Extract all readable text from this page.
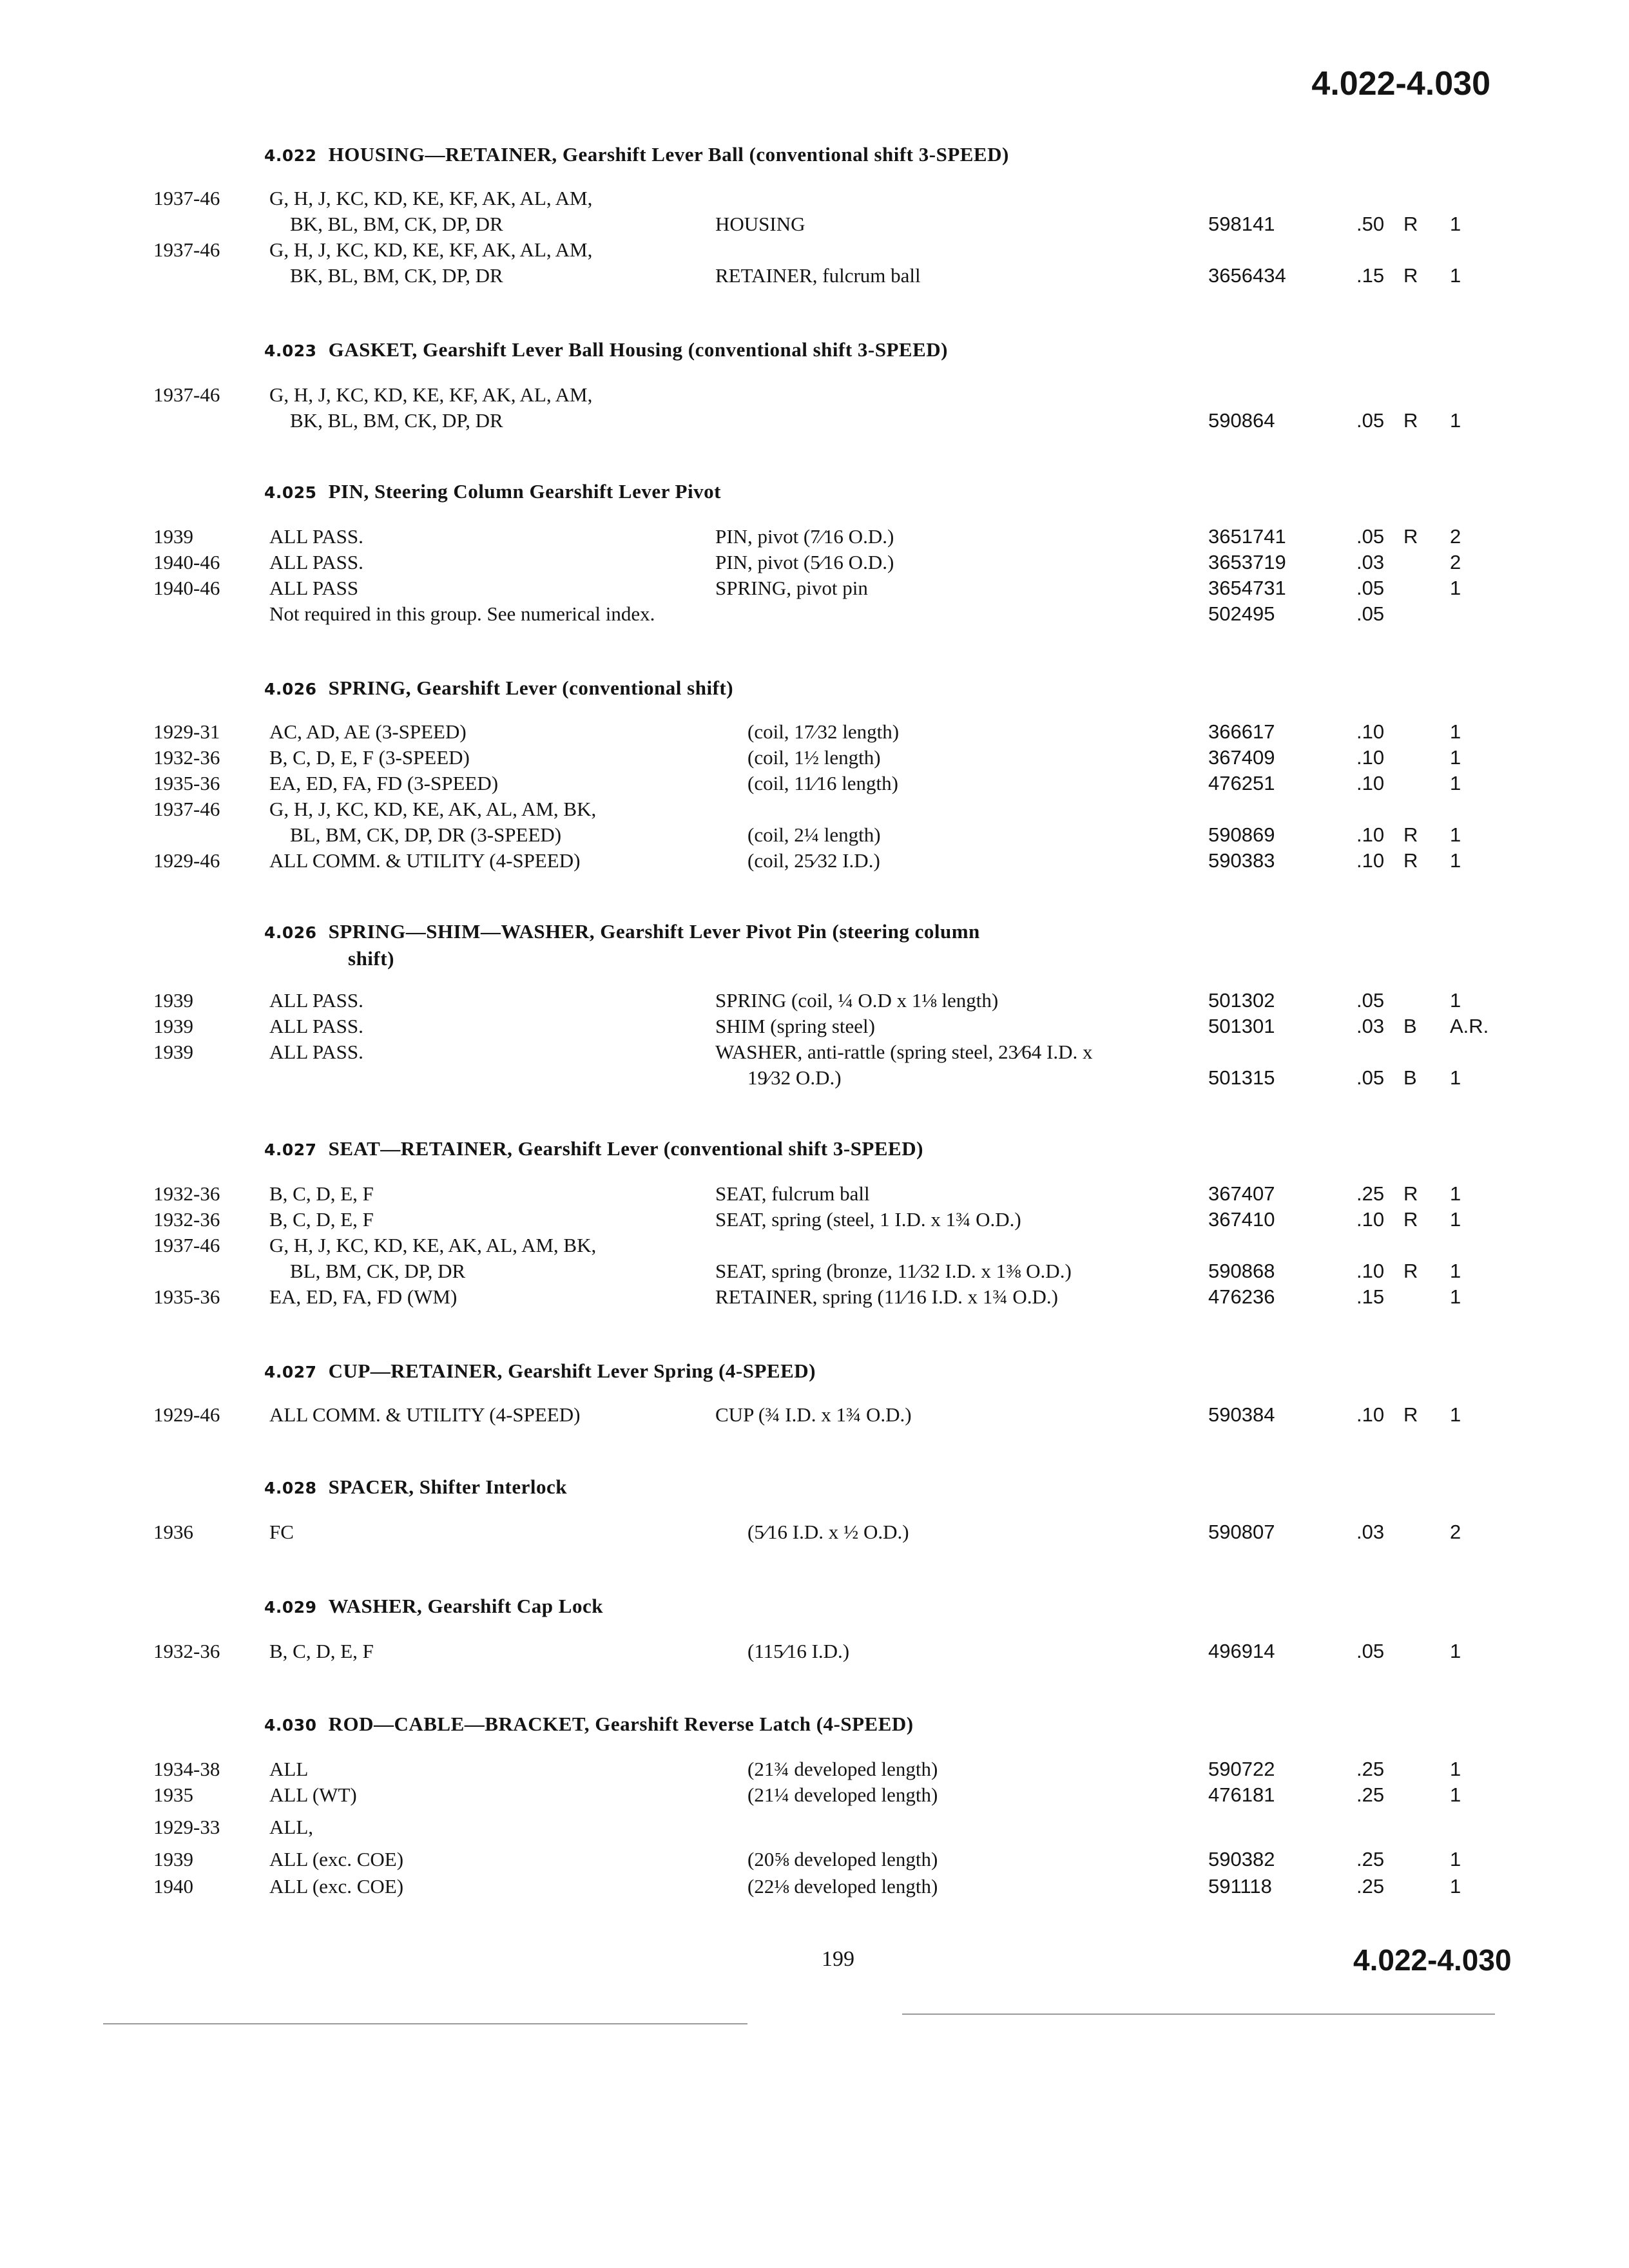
4.022-4.030
4.022 HOUSING—RETAINER, Gearshift Lever Ball (conventional shift 3-SPEED)
1937-46 G, H, J, KC, KD, KE, KF, AK, AL, AM,
BK, BL, BM, CK, DP, DR	HOUSING	598141	.50 R 1
1937-46 G, H, J, KC, KD, KE, KF, AK, AL, AM,
BK, BL, BM, CK, DP, DR	RETAINER, fulcrum ball	3656434	.15 R 1
4.023 GASKET, Gearshift Lever Ball Housing (conventional shift 3-SPEED)
1937-46 G, H, J, KC, KD, KE, KF, AK, AL, AM,
BK, BL, BM, CK, DP, DR	590864	.05 R 1
4.025 PIN, Steering Column Gearshift Lever Pivot
1939	ALL PASS.	PIN, pivot (7⁄16 O.D.)	3651741	.05 R 2
1940-46 ALL PASS.	PIN, pivot (5⁄16 O.D.)	3653719	.03	2
1940-46 ALL PASS	SPRING, pivot pin	3654731	.05	1
Not required in this group. See numerical index.	502495	.05
4.026 SPRING, Gearshift Lever (conventional shift)
1929-31 AC, AD, AE (3-SPEED)	(coil, 17⁄32 length)	366617	.10	1
1932-36 B, C, D, E, F (3-SPEED)	(coil, 1½ length)	367409	.10	1
1935-36 EA, ED, FA, FD (3-SPEED)	(coil, 11⁄16 length)	476251	.10	1
1937-46 G, H, J, KC, KD, KE, AK, AL, AM, BK,
BL, BM, CK, DP, DR (3-SPEED)	(coil, 2¼ length)	590869	.10 R 1
1929-46 ALL COMM. & UTILITY (4-SPEED)	(coil, 25⁄32 I.D.)	590383	.10 R 1
4.026 SPRING—SHIM—WASHER, Gearshift Lever Pivot Pin (steering column
shift)
1939	ALL PASS.	SPRING (coil, ¼ O.D x 1⅛ length)	501302	.05	1
1939	ALL PASS.	SHIM (spring steel)	501301	.03 B A.R.
1939	ALL PASS.	WASHER, anti-rattle (spring steel, 23⁄64 I.D. x
19⁄32 O.D.)	501315	.05 B 1
4.027 SEAT—RETAINER, Gearshift Lever (conventional shift 3-SPEED)
1932-36 B, C, D, E, F	SEAT, fulcrum ball	367407	.25 R 1
1932-36 B, C, D, E, F	SEAT, spring (steel, 1 I.D. x 1¾ O.D.)	367410	.10 R 1
1937-46 G, H, J, KC, KD, KE, AK, AL, AM, BK,
BL, BM, CK, DP, DR	SEAT, spring (bronze, 11⁄32 I.D. x 1⅜ O.D.)	590868	.10 R 1
1935-36 EA, ED, FA, FD (WM)	RETAINER, spring (11⁄16 I.D. x 1¾ O.D.)	476236	.15	1
4.027 CUP—RETAINER, Gearshift Lever Spring (4-SPEED)
1929-46 ALL COMM. & UTILITY (4-SPEED)	CUP (¾ I.D. x 1¾ O.D.)	590384	.10 R 1
4.028 SPACER, Shifter Interlock
1936	FC	(5⁄16 I.D. x ½ O.D.)	590807	.03	2
4.029 WASHER, Gearshift Cap Lock
1932-36 B, C, D, E, F	(115⁄16 I.D.)	496914	.05	1
4.030 ROD—CABLE—BRACKET, Gearshift Reverse Latch (4-SPEED)
1934-38 ALL	(21¾ developed length)	590722	.25	1
1935	ALL (WT)	(21¼ developed length)	476181	.25	1
1929-33 ALL,
1939	ALL (exc. COE)	(20⅝ developed length)	590382	.25	1
1940	ALL (exc. COE)	(22⅛ developed length)	591118	.25	1
199	4.022-4.030
